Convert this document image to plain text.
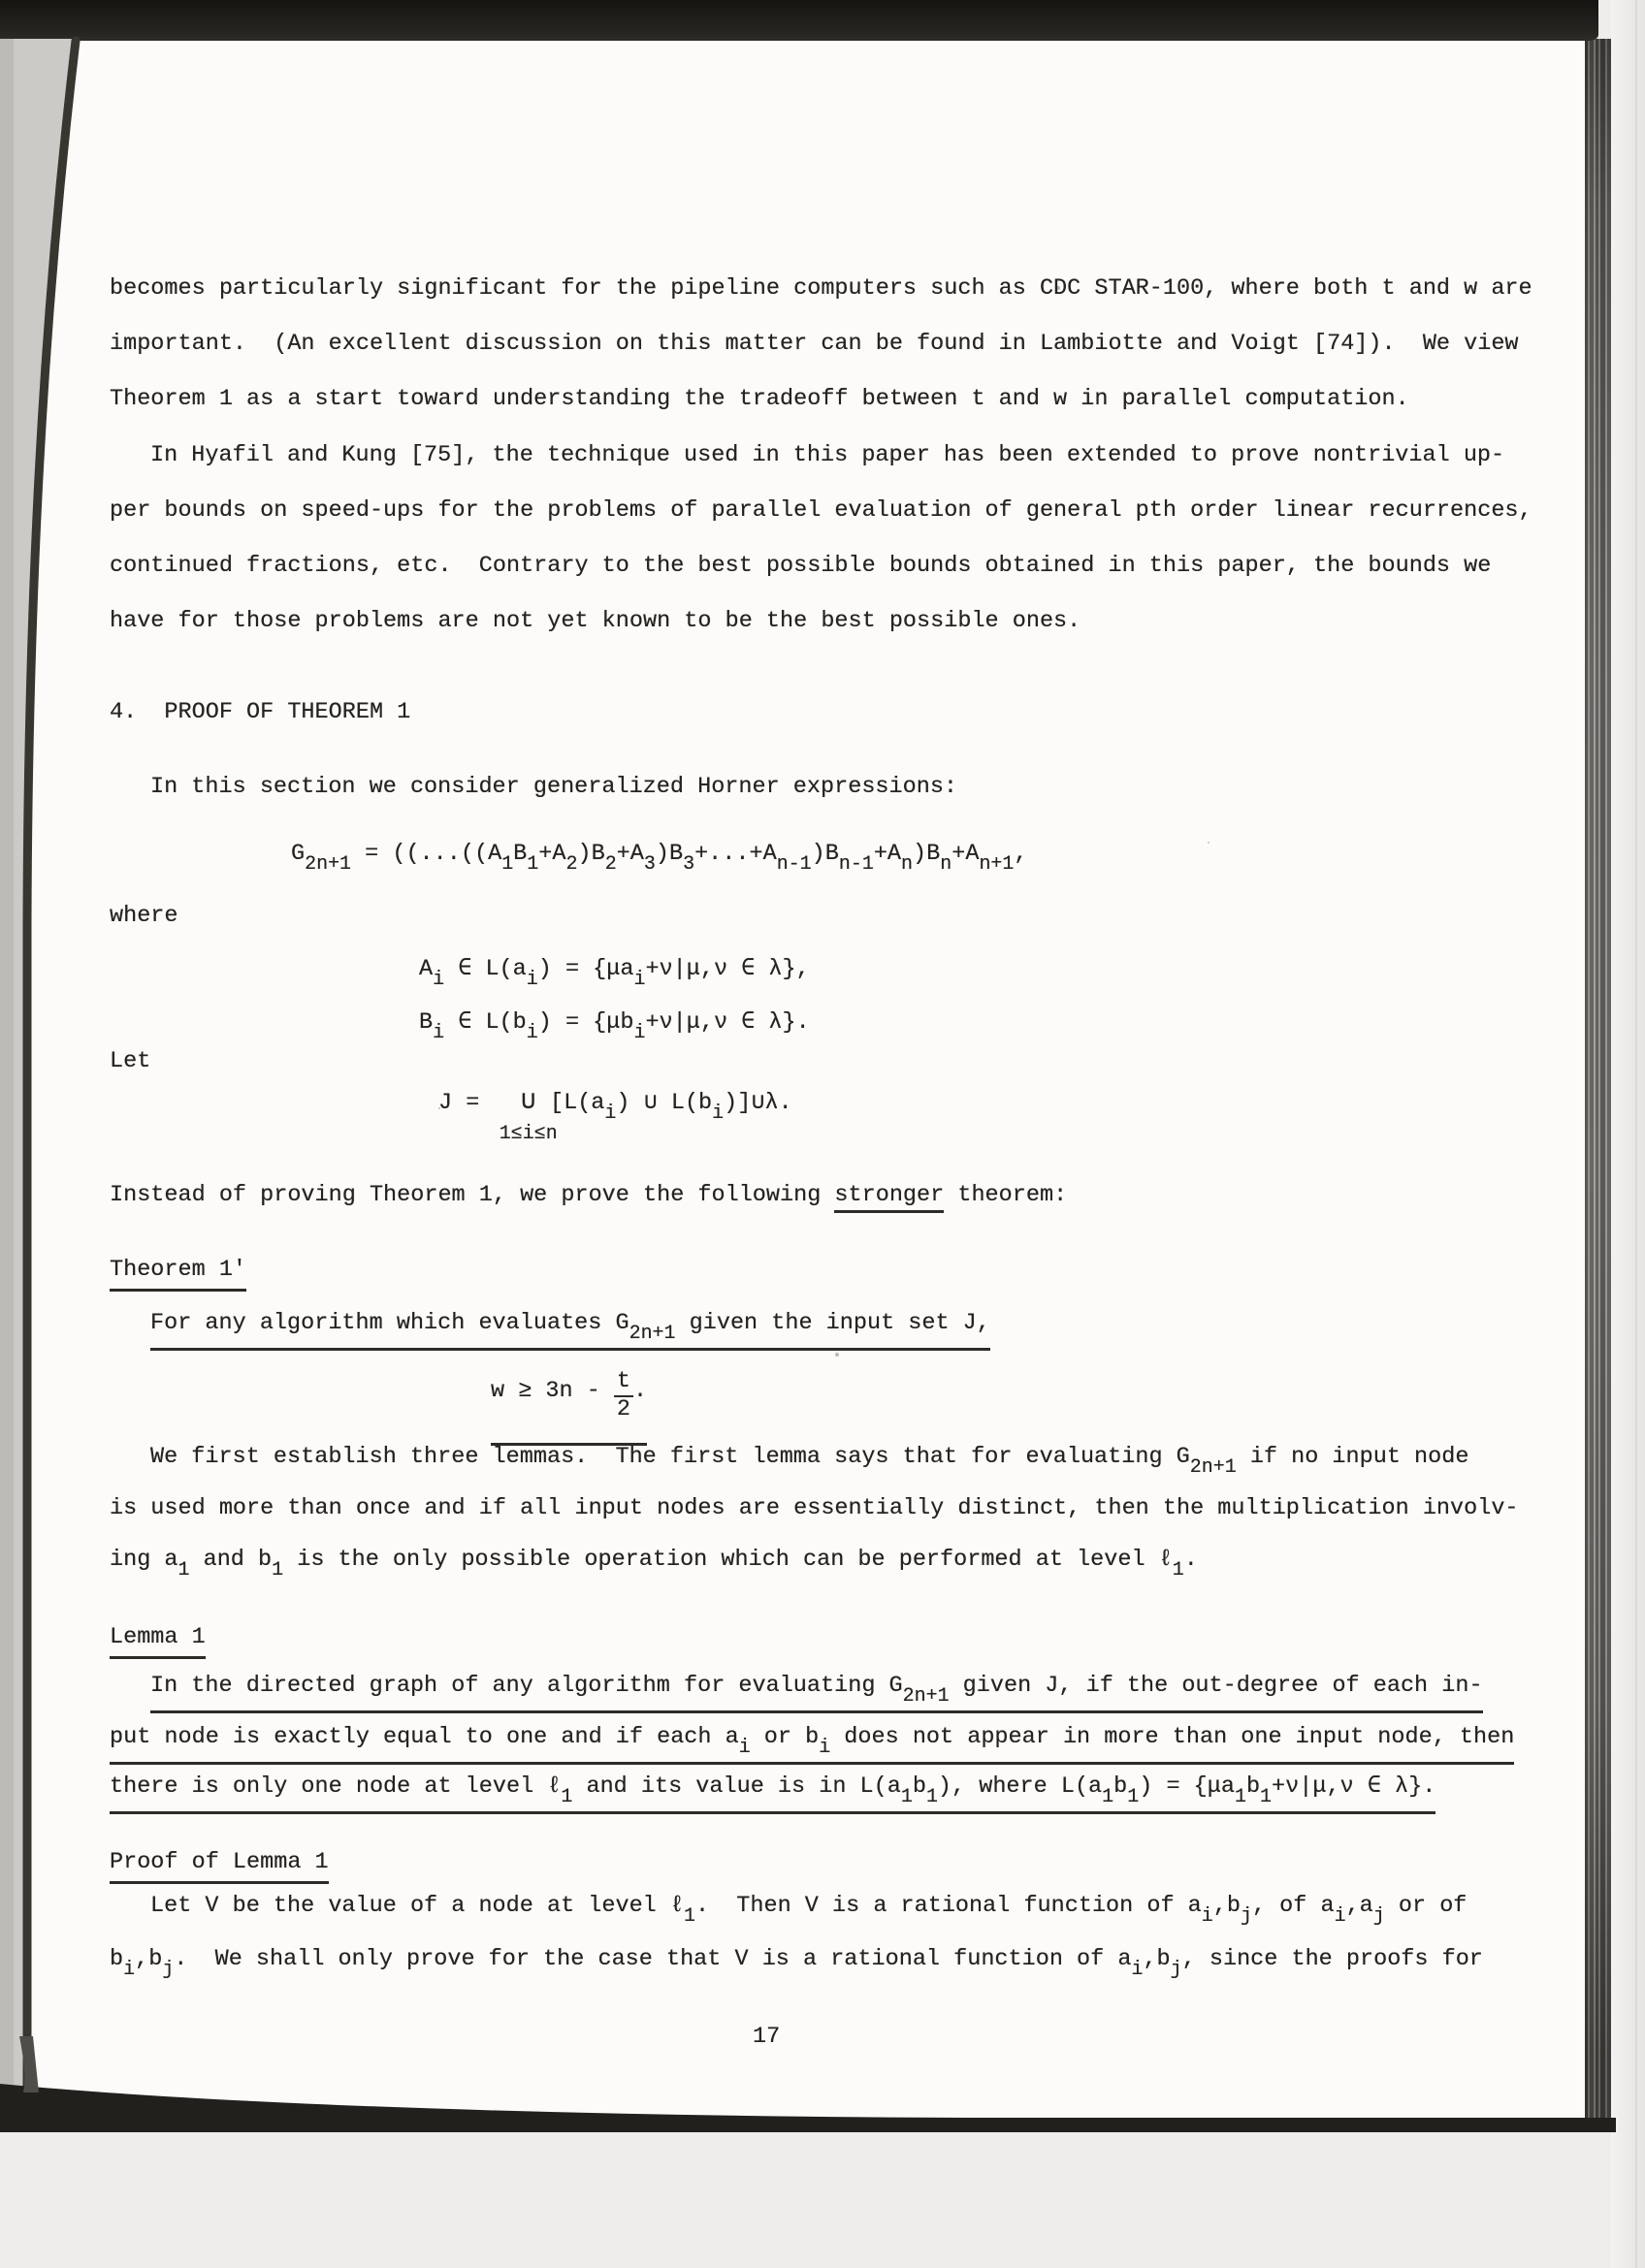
becomes particularly significant for the pipeline computers such as CDC STAR-100, where both t and w are
important.  (An excellent discussion on this matter can be found in Lambiotte and Voigt [74]).  We view
Theorem 1 as a start toward understanding the tradeoff between t and w in parallel computation.
In Hyafil and Kung [75], the technique used in this paper has been extended to prove nontrivial up-
per bounds on speed-ups for the problems of parallel evaluation of general pth order linear recurrences,
continued fractions, etc.  Contrary to the best possible bounds obtained in this paper, the bounds we
have for those problems are not yet known to be the best possible ones.
4.  PROOF OF THEOREM 1
In this section we consider generalized Horner expressions:
$G_{2n+1} = ((...((A_1B_1+A_2)B_2+A_3)B_3+...+A_{n-1})B_{n-1}+A_n)B_n+A_{n+1}$,
where
$A_i$ ∈ $L(a_i) = \{\mu a_i+\nu|\mu,\nu$ ∈ λ},
$B_i$ ∈ $L(b_i) = \{\mu b_i+\nu|\mu,\nu$ ∈ λ}.
Let
J =   ∪
1≤i≤n
[$L(a_i)$ ∪ $L(b_i)]\cup\lambda$.
Instead of proving Theorem 1, we prove the following stronger theorem:
Theorem 1'
For any algorithm which evaluates $G_{2n+1}$ given the input set J,
$w \ge 3n - \frac{t}{2}$ .
We first establish three lemmas.  The first lemma says that for evaluating $G_{2n+1}$ if no input node
is used more than once and if all input nodes are essentially distinct, then the multiplication involv-
ing $a_1$ and $b_1$ is the only possible operation which can be performed at level ℓ$_1$.
Lemma 1
In the directed graph of any algorithm for evaluating $G_{2n+1}$ given J, if the out-degree of each in-
put node is exactly equal to one and if each $a_i$ or $b_i$ does not appear in more than one input node, then
there is only one node at level ℓ$_1$ and its value is in $L(a_1b_1)$, where $L(a_1b_1) = \{\mu a_1b_1+\nu|\mu,\nu$ ∈ λ}.
Proof of Lemma 1
Let V be the value of a node at level ℓ$_1$.  Then V is a rational function of $a_i,b_j$, of $a_i,a_j$ or of
$b_i,b_j$.  We shall only prove for the case that V is a rational function of $a_i,b_j$, since the proofs for
17
